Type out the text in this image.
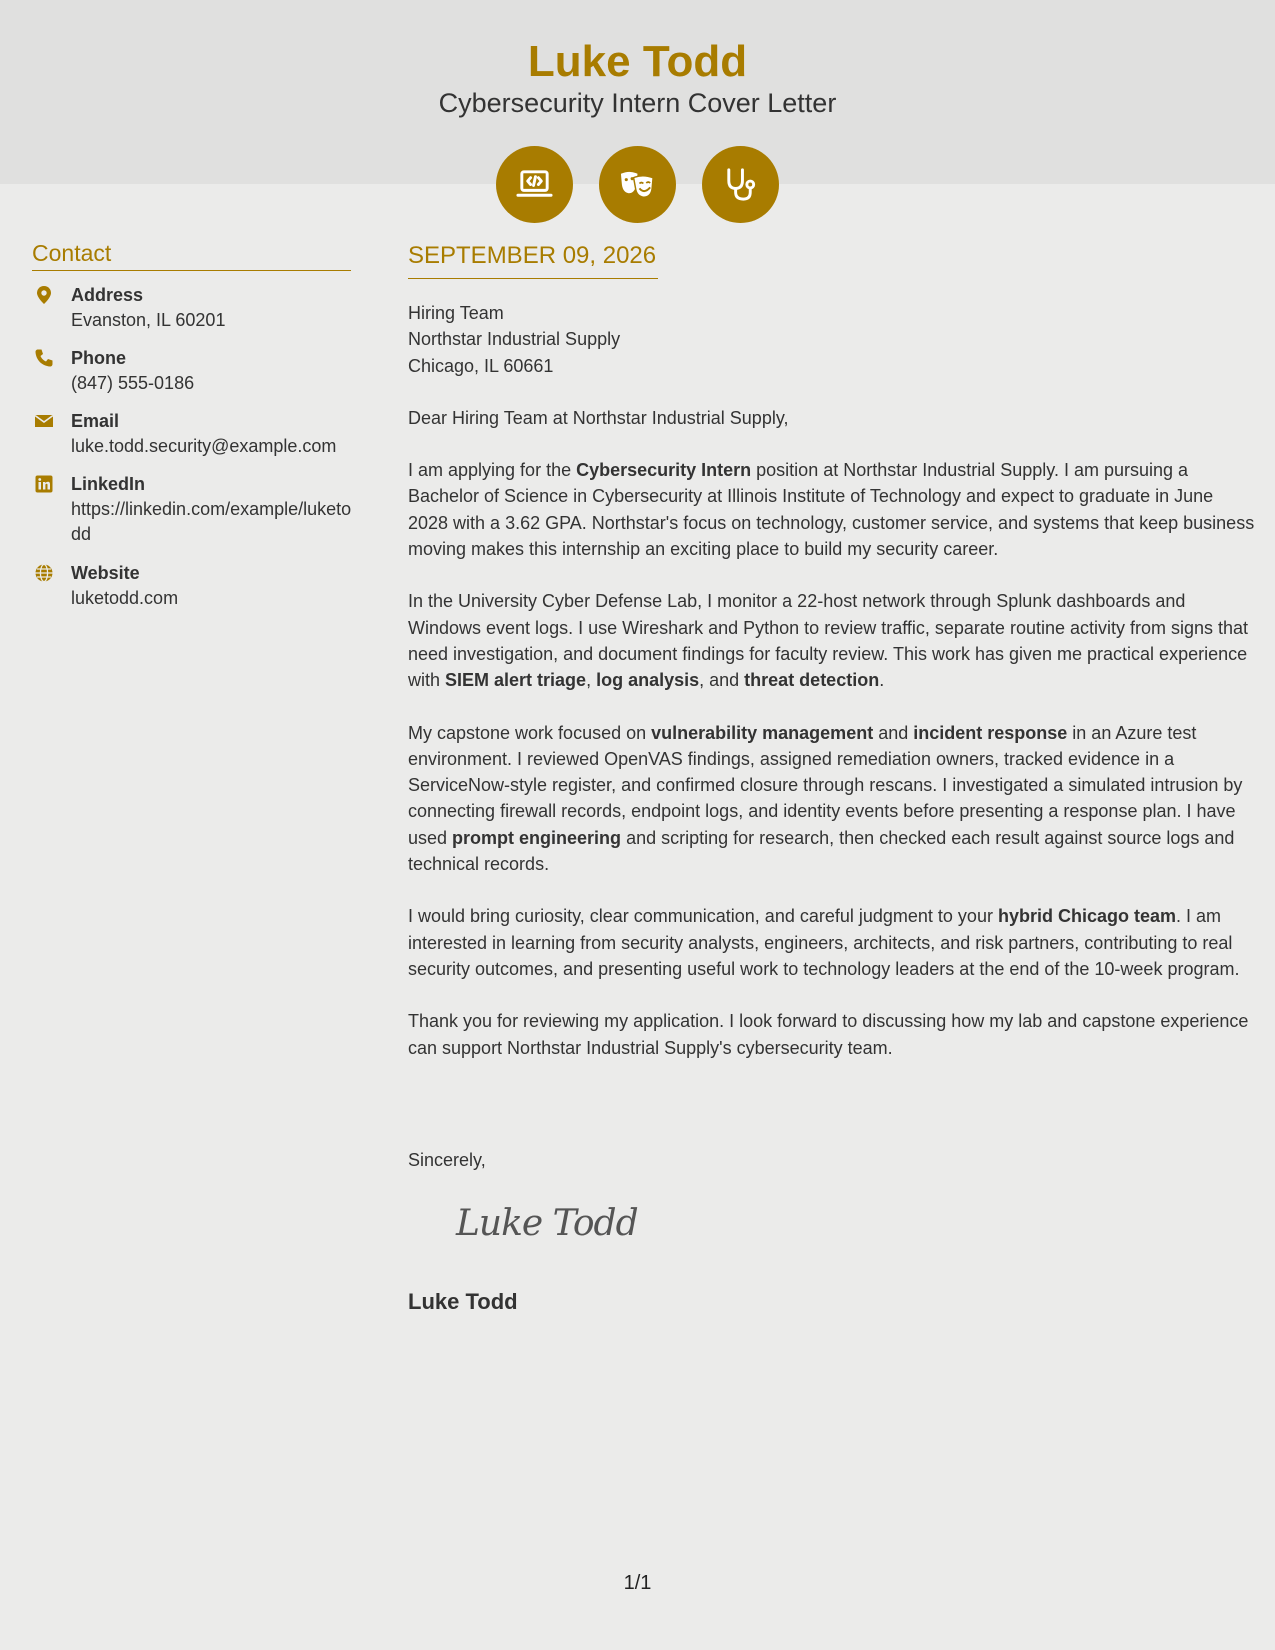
Luke Todd
Cybersecurity Intern Cover Letter
Contact
Address
Evanston, IL 60201
Phone
(847) 555-0186
Email
luke.todd.security@example.com
LinkedIn
https://linkedin.com/example/luketodd
Website
luketodd.com
SEPTEMBER 09, 2026
Hiring Team
Northstar Industrial Supply
Chicago, IL 60661

Dear Hiring Team at Northstar Industrial Supply,

I am applying for the Cybersecurity Intern position at Northstar Industrial Supply. I am pursuing a Bachelor of Science in Cybersecurity at Illinois Institute of Technology and expect to graduate in June 2028 with a 3.62 GPA. Northstar's focus on technology, customer service, and systems that keep business moving makes this internship an exciting place to build my security career.

In the University Cyber Defense Lab, I monitor a 22-host network through Splunk dashboards and Windows event logs. I use Wireshark and Python to review traffic, separate routine activity from signs that need investigation, and document findings for faculty review. This work has given me practical experience with SIEM alert triage, log analysis, and threat detection.

My capstone work focused on vulnerability management and incident response in an Azure test environment. I reviewed OpenVAS findings, assigned remediation owners, tracked evidence in a ServiceNow-style register, and confirmed closure through rescans. I investigated a simulated intrusion by connecting firewall records, endpoint logs, and identity events before presenting a response plan. I have used prompt engineering and scripting for research, then checked each result against source logs and technical records.

I would bring curiosity, clear communication, and careful judgment to your hybrid Chicago team. I am interested in learning from security analysts, engineers, architects, and risk partners, contributing to real security outcomes, and presenting useful work to technology leaders at the end of the 10-week program.

Thank you for reviewing my application. I look forward to discussing how my lab and capstone experience can support Northstar Industrial Supply's cybersecurity team.

Sincerely,
Luke Todd
Luke Todd
1/1
